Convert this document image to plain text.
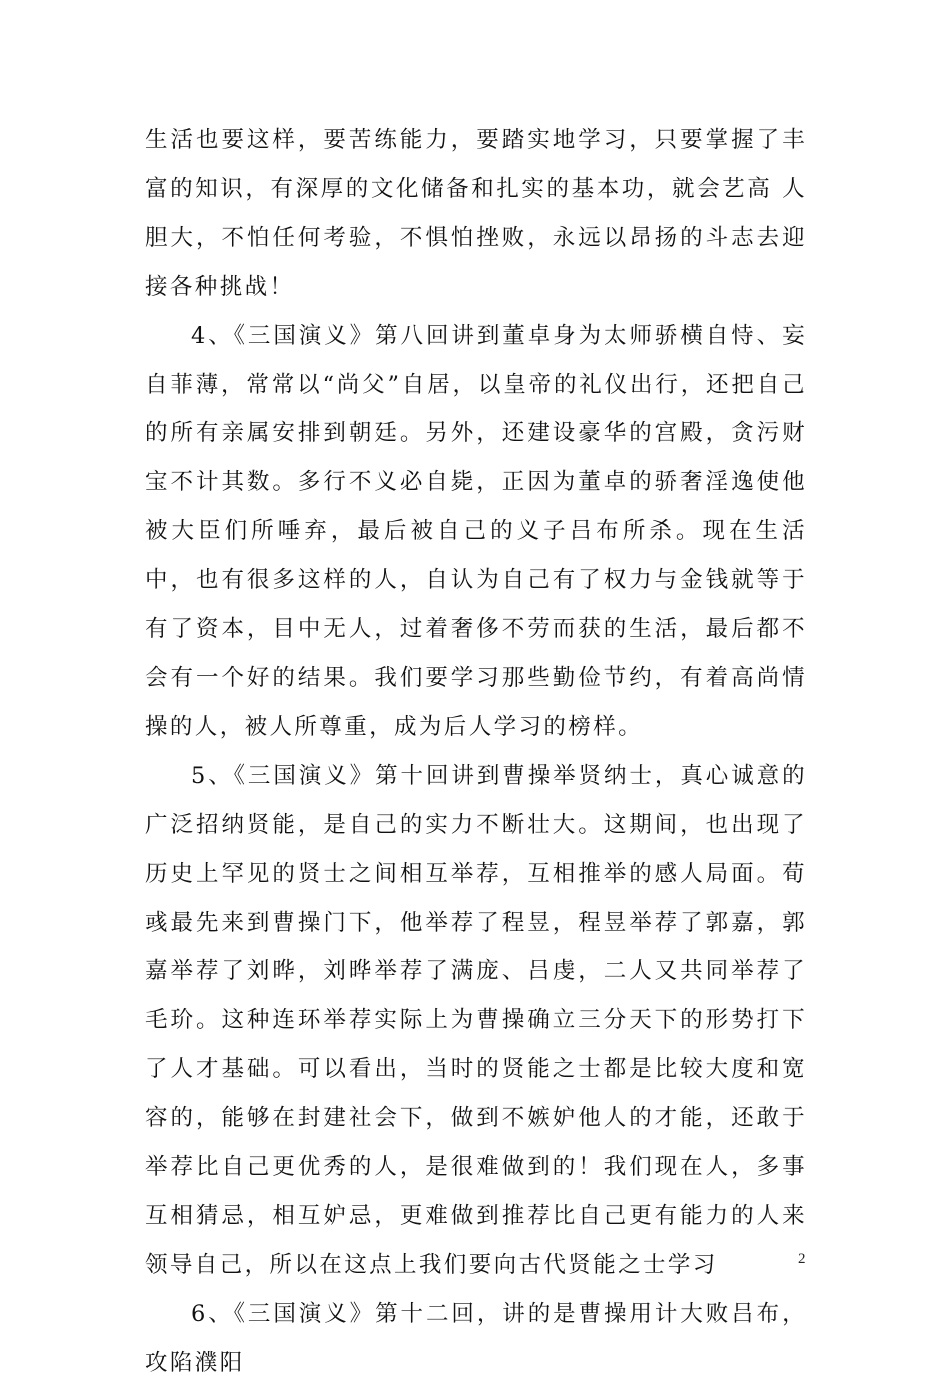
生活也要这样，要苦练能力，要踏实地学习，只要掌握了丰富的知识，有深厚的文化储备和扎实的基本功，就会艺高 人胆大，不怕任何考验，不惧怕挫败，永远以昂扬的斗志去迎接各种挑战！

4、《三国演义》第八回讲到董卓身为太师骄横自恃、妄自菲薄，常常以“尚父”自居，以皇帝的礼仪出行，还把自己的所有亲属安排到朝廷。另外，还建设豪华的宫殿，贪污财宝不计其数。多行不义必自毙，正因为董卓的骄奢淫逸使他被大臣们所唾弃，最后被自己的义子吕布所杀。现在生活中，也有很多这样的人，自认为自己有了权力与金钱就等于有了资本，目中无人，过着奢侈不劳而获的生活，最后都不会有一个好的结果。我们要学习那些勤俭节约，有着高尚情操的人，被人所尊重，成为后人学习的榜样。

5、《三国演义》第十回讲到曹操举贤纳士，真心诚意的广泛招纳贤能，是自己的实力不断壮大。这期间，也出现了历史上罕见的贤士之间相互举荐，互相推举的感人局面。荀彧最先来到曹操门下，他举荐了程昱，程昱举荐了郭嘉，郭嘉举荐了刘晔，刘晔举荐了满庞、吕虔，二人又共同举荐了毛玠。这种连环举荐实际上为曹操确立三分天下的形势打下了人才基础。可以看出，当时的贤能之士都是比较大度和宽容的，能够在封建社会下，做到不嫉妒他人的才能，还敢于举荐比自己更优秀的人，是很难做到的！我们现在人，多事互相猜忌，相互妒忌，更难做到推荐比自己更有能力的人来领导自己，所以在这点上我们要向古代贤能之士学习

6、《三国演义》第十二回，讲的是曹操用计大败吕布，攻陷濮阳

2
